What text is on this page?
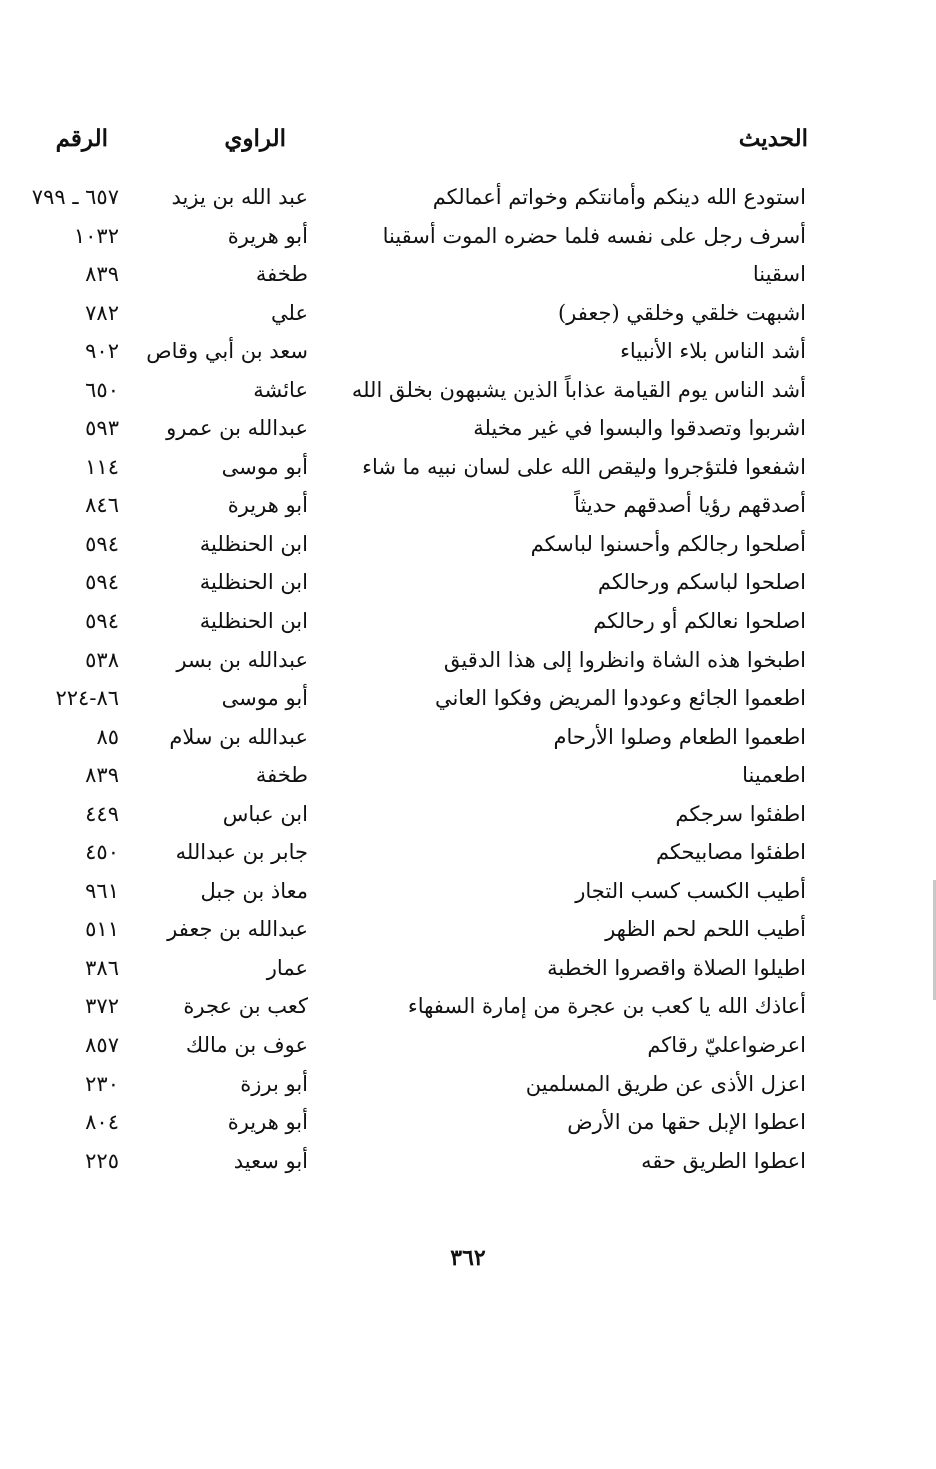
الحديث
الراوي
الرقم
استودع الله دينكم وأمانتكم وخواتم أعمالكم
عبد الله بن يزيد
٦٥٧ ـ ٧٩٩
أسرف رجل على نفسه فلما حضره الموت أسقينا
أبو هريرة
١٠٣٢
اسقينا
طخفة
٨٣٩
اشبهت خلقي وخلقي (جعفر)
علي
٧٨٢
أشد الناس بلاء الأنبياء
سعد بن أبي وقاص
٩٠٢
أشد الناس يوم القيامة عذاباً الذين يشبهون بخلق الله
عائشة
٦٥٠
اشربوا وتصدقوا والبسوا في غير مخيلة
عبدالله بن عمرو
٥٩٣
اشفعوا فلتؤجروا وليقص الله على لسان نبيه ما شاء
أبو موسى
١١٤
أصدقهم رؤيا أصدقهم حديثاً
أبو هريرة
٨٤٦
أصلحوا رجالكم وأحسنوا لباسكم
ابن الحنظلية
٥٩٤
اصلحوا لباسكم ورحالكم
ابن الحنظلية
٥٩٤
اصلحوا نعالكم أو رحالكم
ابن الحنظلية
٥٩٤
اطبخوا هذه الشاة وانظروا إلى هذا الدقيق
عبدالله بن بسر
٥٣٨
اطعموا الجائع وعودوا المريض وفكوا العاني
أبو موسى
٨٦-٢٢٤
اطعموا الطعام وصلوا الأرحام
عبدالله بن سلام
٨٥
اطعمينا
طخفة
٨٣٩
اطفئوا سرجكم
ابن عباس
٤٤٩
اطفئوا مصابيحكم
جابر بن عبدالله
٤٥٠
أطيب الكسب كسب التجار
معاذ بن جبل
٩٦١
أطيب اللحم لحم الظهر
عبدالله بن جعفر
٥١١
اطيلوا الصلاة واقصروا الخطبة
عمار
٣٨٦
أعاذك الله يا كعب بن عجرة من إمارة السفهاء
كعب بن عجرة
٣٧٢
اعرضواعليّ رقاكم
عوف بن مالك
٨٥٧
اعزل الأذى عن طريق المسلمين
أبو برزة
٢٣٠
اعطوا الإبل حقها من الأرض
أبو هريرة
٨٠٤
اعطوا الطريق حقه
أبو سعيد
٢٢٥
٣٦٢
